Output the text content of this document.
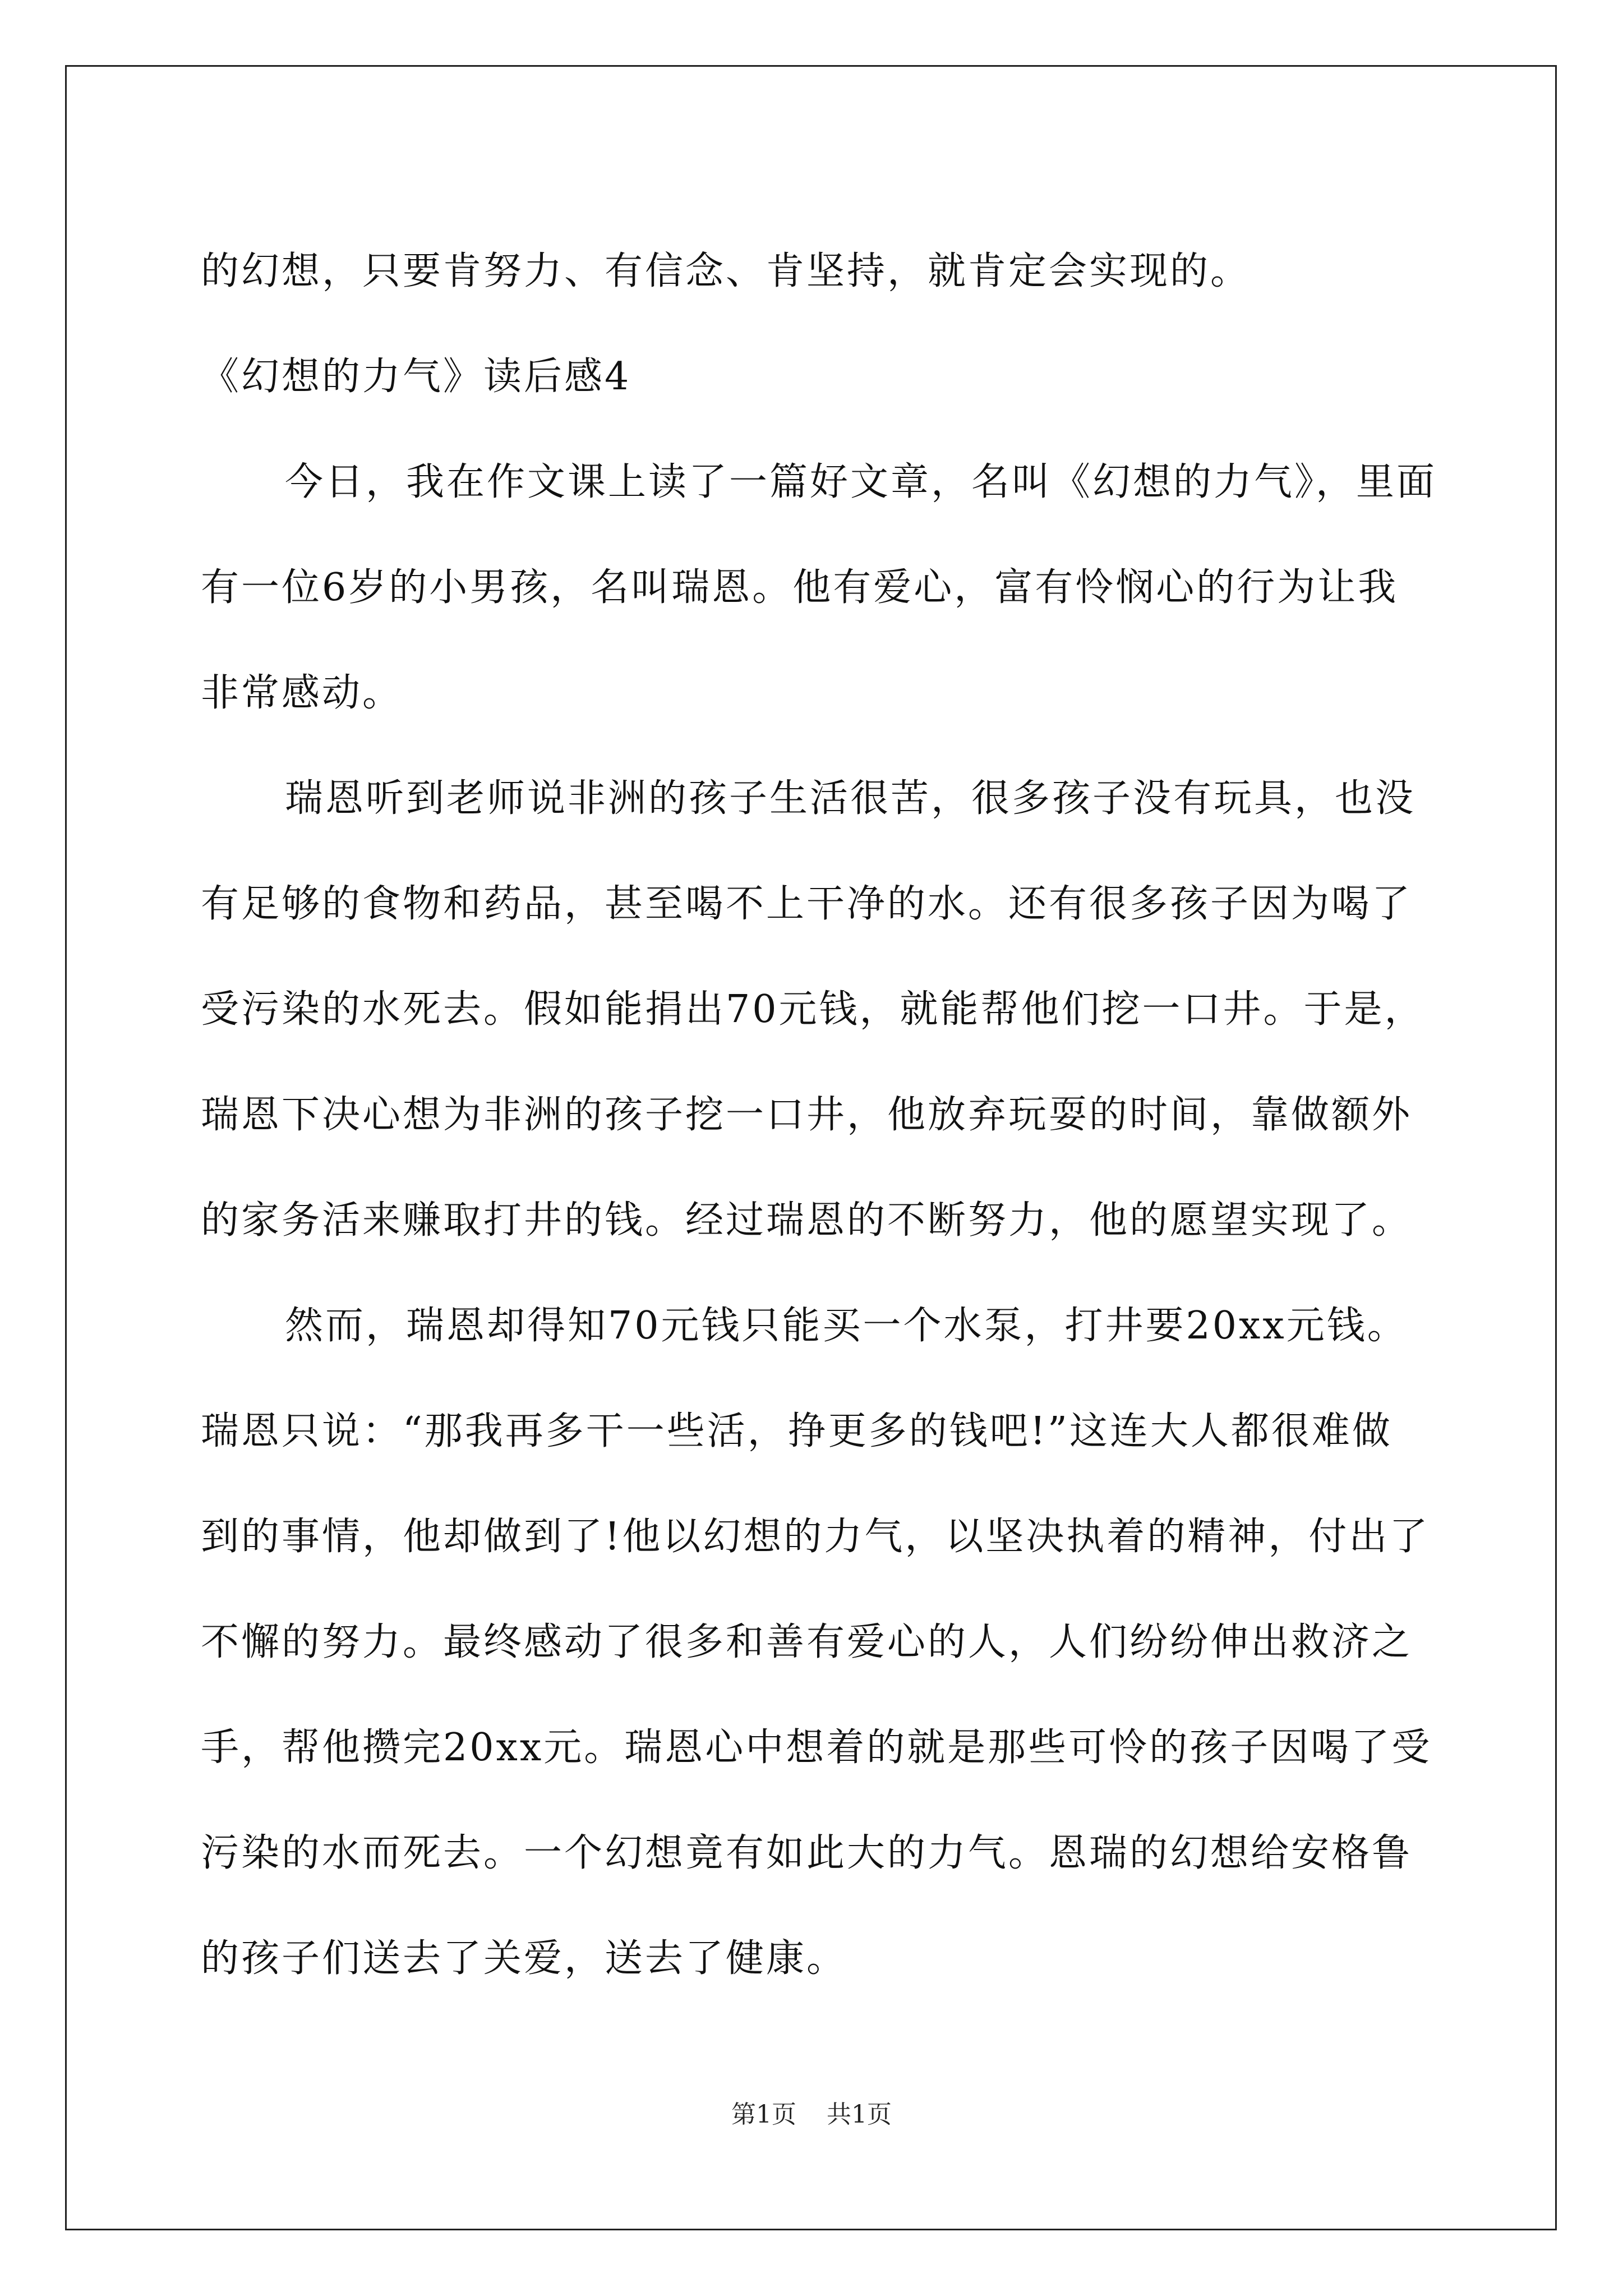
的幻想，只要肯努力、有信念、肯坚持，就肯定会实现的。
《幻想的力气》读后感4
今日，我在作文课上读了一篇好文章，名叫《幻想的力气》，里面
有一位6岁的小男孩，名叫瑞恩。他有爱心，富有怜悯心的行为让我
非常感动。
瑞恩听到老师说非洲的孩子生活很苦，很多孩子没有玩具，也没
有足够的食物和药品，甚至喝不上干净的水。还有很多孩子因为喝了
受污染的水死去。假如能捐出70元钱，就能帮他们挖一口井。于是，
瑞恩下决心想为非洲的孩子挖一口井，他放弃玩耍的时间，靠做额外
的家务活来赚取打井的钱。经过瑞恩的不断努力，他的愿望实现了。
然而，瑞恩却得知70元钱只能买一个水泵，打井要20xx元钱。
瑞恩只说：“那我再多干一些活，挣更多的钱吧!”这连大人都很难做
到的事情，他却做到了!他以幻想的力气，以坚决执着的精神，付出了
不懈的努力。最终感动了很多和善有爱心的人，人们纷纷伸出救济之
手，帮他攒完20xx元。瑞恩心中想着的就是那些可怜的孩子因喝了受
污染的水而死去。一个幻想竟有如此大的力气。恩瑞的幻想给安格鲁
的孩子们送去了关爱，送去了健康。
第1页 共1页
